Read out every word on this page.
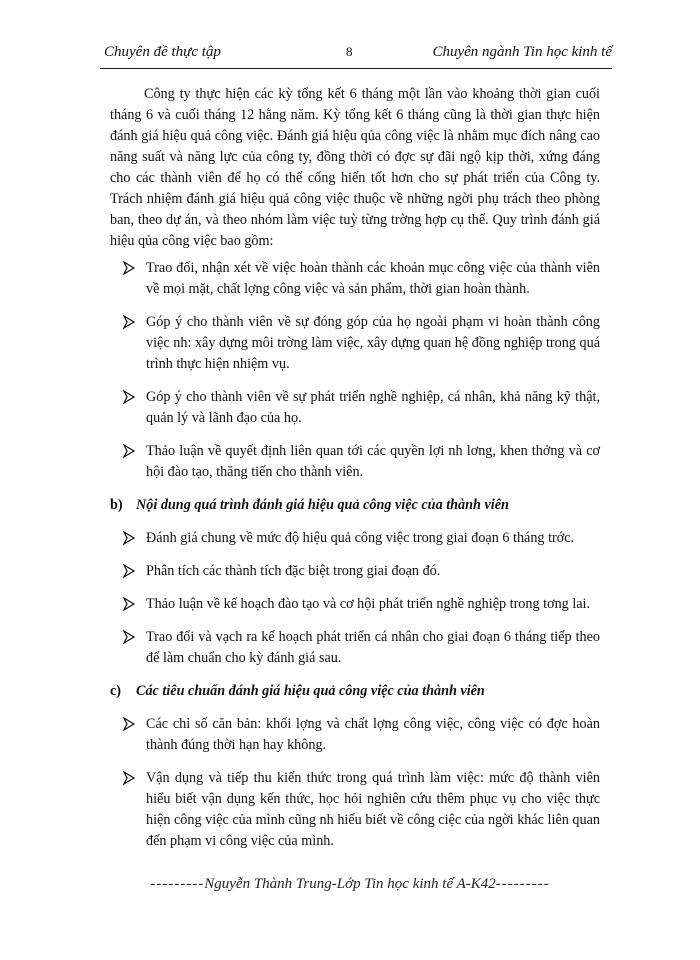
Chuyên đề thực tập	8	Chuyên ngành Tin học kinh tế

Công ty thực hiện các kỳ tổng kết 6 tháng một lần vào khoảng thời gian cuối tháng 6 và cuối tháng 12 hằng năm. Kỳ tổng kết 6 tháng cũng là thời gian thực hiện đánh giá hiệu quả công việc. Đánh giá hiệu qủa công việc là nhằm mục đích nâng cao năng suất và năng lực của công ty, đồng thời có đợc sự đãi ngộ kịp thời, xứng đáng cho các thành viên để họ có thể cống hiến tốt hơn cho sự phát triển của Công ty. Trách nhiệm đánh giá hiệu quả công việc thuộc về những ngời phụ trách theo phòng ban, theo dự án, và theo nhóm làm việc tuỳ từng trờng hợp cụ thể. Quy trình đánh giá hiệu qủa công việc bao gồm:

Trao đổi, nhận xét về việc hoàn thành các khoản mục công việc của thành viên về mọi mặt, chất lợng công việc và sản phẩm, thời gian hoàn thành.
Góp ý cho thành viên về sự đóng góp của họ ngoài phạm vi hoàn thành công việc nh: xây dựng môi trờng làm việc, xây dựng quan hệ đồng nghiệp trong quá trình thực hiện nhiệm vụ.
Góp ý cho thành viên về sự phát triển nghề nghiệp, cá nhân, khả năng kỹ thật, quản lý và lãnh đạo của họ.
Thảo luận về quyết định liên quan tới các quyền lợi nh lơng, khen thởng và cơ hội đào tạo, thăng tiến cho thành viên.
b) Nội dung quá trình đánh giá hiệu quả công việc của thành viên
Đánh giá chung về mức độ hiệu quả công việc trong giai đoạn 6 tháng trớc.
Phân tích các thành tích đặc biệt trong giai đoạn đó.
Thảo luận về kế hoạch đào tạo và cơ hội phát triển nghề nghiệp trong tơng lai.
Trao đổi và vạch ra kế hoạch phát triển cá nhân cho giai đoạn 6 tháng tiếp theo để làm chuẩn cho kỳ đánh giá sau.
c) Các tiêu chuẩn đánh giá hiệu quả công việc của thành viên
Các chỉ số căn bản: khối lợng và chất lợng công việc, công việc có đợc hoàn thành đúng thời hạn hay không.
Vận dụng và tiếp thu kiến thức trong quá trình làm việc: mức độ thành viên hiểu biết vận dụng kến thức, học hỏi nghiên cứu thêm phục vụ cho việc thực hiện công việc của mình cũng nh hiểu biết về công ciệc của ngời khác liên quan đến phạm vi công việc của mình.
---------Nguyễn Thành Trung-Lớp Tin học kinh tế A-K42---------
